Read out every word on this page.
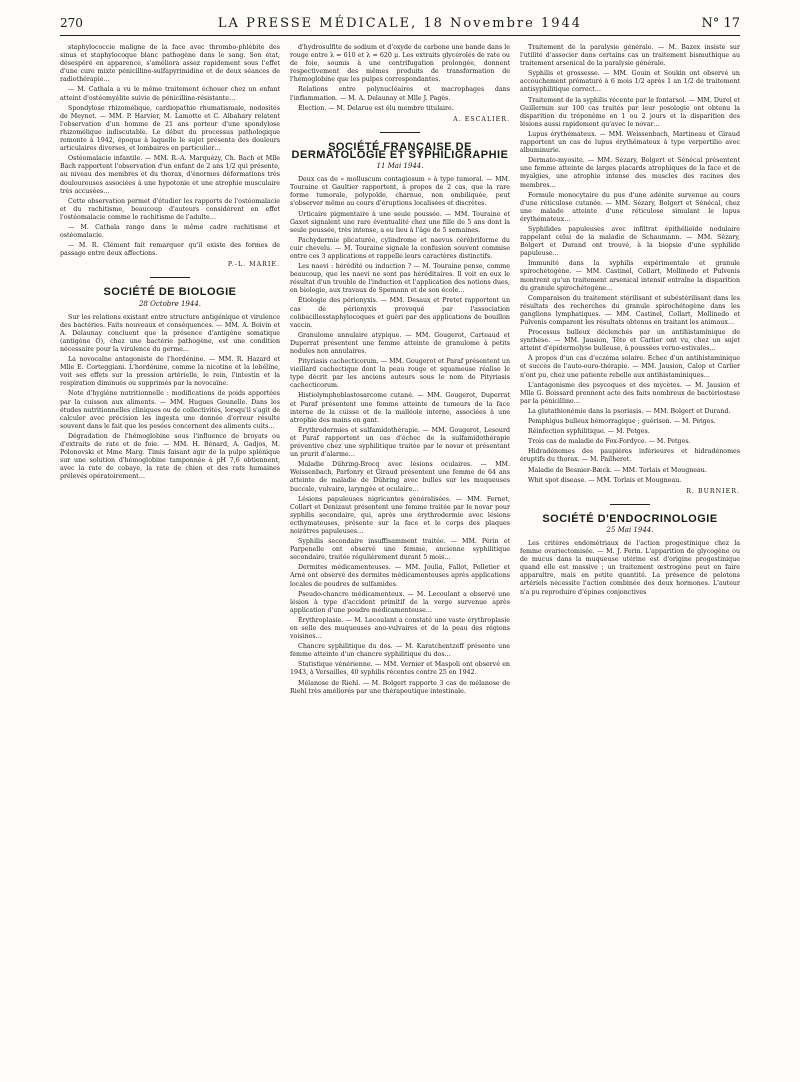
270	LA PRESSE MÉDICALE, 18 Novembre 1944	N° 17

staphylococcie maligne de la face avec thrombo-phlébite des sinus et staphylocoque blanc pathogène dans le sang. Son état, désespéré en apparence, s'améliora assez rapidement sous l'effet d'une cure mixte pénicilline-sulfapyrimidine et de deux séances de radiothérapie…

— M. Cathala a vu le même traitement échouer chez un enfant atteint d'ostéomyélite suivie de pénicilline-résistante…

Spondylose rhizomélique, cardiopathie rhumatismale, nodosités de Meynet. — MM. P. Harvier, M. Lamotte et C. Albahary relatent l'observation d'un homme de 21 ans porteur d'une spondylose rhizomélique indiscutable. Le début du processus pathologique remonte à 1942, époque à laquelle le sujet présenta des douleurs articulaires diverses, et lombaires en particulier…

Ostéomalacie infantile. — MM. R.-A. Marquézy, Ch. Bach et Mlle Bach rapportent l'observation d'un enfant de 2 ans 1/2 qui présente, au niveau des membres et du thorax, d'énormes déformations très douloureuses associées à une hypotonie et une atrophie musculaire très accusées…

Cette observation permet d'étudier les rapports de l'ostéomalacie et du rachitisme, beaucoup d'auteurs considèrent en effet l'ostéomalacie comme le rachitisme de l'adulte…

— M. Cathala range dans le même cadre rachitisme et ostéomalacie.

— M. R. Clément fait remarquer qu'il existe des formes de passage entre deux affections.

P.-L. MARIE.
SOCIÉTÉ DE BIOLOGIE
28 Octobre 1944.

Sur les relations existant entre structure antigénique et virulence des bactéries. Faits nouveaux et conséquences. — MM. A. Boivin et A. Delaunay concluent que la présence d'antigène somatique (antigène O), chez une bactérie pathogène, est une condition nécessaire pour la virulence du germe…

La novocaïne antagoniste de l'hordénine. — MM. R. Hazard et Mlle E. Corteggiani. L'hordénine, comme la nicotine et la lobéline, voit ses effets sur la pression artérielle, le rein, l'intestin et la respiration diminués ou supprimés par la novocaïne.

Note d'hygiène nutritionnelle : modifications de poids apportées par la cuisson aux aliments. — MM. Hugues Gounelle. Dans les études nutritionnelles cliniques ou de collectivités, lorsqu'il s'agit de calculer avec précision les ingesta une donnée d'erreur résulte souvent dans le fait que les pesées concernent des aliments cuits…

Dégradation de l'hémoglobine sous l'influence de broyats ou d'extraits de rate et de foie. — MM. H. Bénard, A. Gadjos, M. Polonovski et Mme Marg. Timis faisant agir de la pulpe splénique sur une solution d'hémoglobine tamponnée à pH 7,6 obtiennent, avec la rate de cobaye, la rate de chien et des rats humaines prélevés opératoirement…

d'hydrosulfite de sodium et d'oxyde de carbone une bande dans le rouge entre λ = 610 et λ = 620 μ. Les extraits glycérolés de rate ou de foie, soumis à une centrifugation prolongée, donnent respectivement des mêmes produits de transformation de l'hémoglobine que les pulpes correspondantes.

Relations entre polynucléaires et macrophages dans l'inflammation. — M. A. Delaunay et Mlle J. Pagès.

Élection. — M. Delarue est élu membre titulaire.

A. ESCALIER.
SOCIÉTÉ FRANÇAISE DE DERMATOLOGIE ET SYPHILIGRAPHIE
11 Mai 1944.

Deux cas de « molluscum contagiosum » à type tumoral. — MM. Touraine et Gaultier rapportent, à propos de 2 cas, que la rare forme tumorale, polypoïde, charnue, non ombiliquée, peut s'observer même au cours d'éruptions localisées et discrètes.

Urticaire pigmentaire à une seule poussée. — MM. Touraine et Gaxet signalent une rare éventualité chez une fille de 5 ans dont la seule poussée, très intense, a eu lieu à l'âge de 5 semaines.

Pachydermie plicaturée, cylindrome et naevus cérébriforme du cuir chevelu. — M. Touraine signale la confusion souvent commise entre ces 3 applications et rappelle leurs caractères distinctifs.

Les naevi : hérédité ou induction ? — M. Touraine pense, comme beaucoup, que les naevi ne sont pas héréditaires. Il voit en eux le résultat d'un trouble de l'induction et l'application des notions dues, en biologie, aux travaux de Spemann et de son école…

Étiologie des périonyxis. — MM. Desaux et Pretet rapportent un cas de périonyxis provoqué par l'association colibacillesstaphylocoques et guéri par des applications de bouillon vaccin.

Granulome annulaire atypique. — MM. Gougerot, Carteaud et Duperrat présentent une femme atteinte de granulome à petits nodules non annulaires.

Pityriasis cachecticorum. — MM. Gougerot et Paraf présentent un vieillard cachectique dont la peau rouge et squameuse réalise le type décrit par les anciens auteurs sous le nom de Pityriasis cachecticorum.

Histiolymphoblastosarcome cutané. — MM. Gougerot, Duperrat et Paraf présentent une femme atteinte de tumeurs de la face interne de la cuisse et de la malléole interne, associées à une atrophie des mains en gant.

Érythrodermies et sulfamidothérapie. — MM. Gougerot, Lesourd et Paraf rapportent un cas d'échec de la sulfamidothérapie préventive chez une syphilitique traitée par le novar et présentant un prurit d'alarme…

Maladie Dühring-Brocq avec lésions oculaires. — MM. Weissenbach, Parfonry et Giraud présentent une femme de 64 ans atteinte de maladie de Dühring avec bulles sur les muqueuses buccale, vulvaire, laryngée et oculaire…

Lésions papuleuses nigricantes généralisées. — MM. Fernet, Collart et Denizaut présentent une femme traitée par le novar pour syphilis secondaire, qui, après une érythrodermie avec lésions ecthymateuses, présente sur la face et le corps des plaques noirâtres papuleuses…

Syphilis secondaire insuffisamment traitée. — MM. Périn et Parpenelle ont observé une femme, ancienne syphilitique secondaire, traitée régulièrement durant 5 mois…

Dermites médicamenteuses. — MM. Joulia, Fallot, Pelletier et Arné ont observé des dermites médicamenteuses après applications locales de poudres de sulfamides.

Pseudo-chancre médicamenteux. — M. Lecoulant a observé une lésion à type d'accident primitif de la verge survenue après application d'une poudre médicamenteuse…

Érythroplasie. — M. Lecoulant a constaté une vaste érythroplasie en selle des muqueuses ano-vulvaires et de la peau des régions voisines…

Chancre syphilitique du dos. — M. Karatchentzeff présente une femme atteinte d'un chancre syphilitique du dos…

Statistique vénérienne. — MM. Vernier et Maspoli ont observé en 1943, à Versailles, 40 syphilis récentes contre 25 en 1942.

Mélanose de Riehl. — M. Bolgert rapporte 3 cas de mélanose de Riehl très améliorés par une thérapeutique intestinale.

Traitement de la paralysie générale. — M. Bazex insiste sur l'utilité d'associer dans certains cas un traitement bismuthique au traitement arsenical de la paralysie générale.

Syphilis et grossesse. — MM. Gouin et Soukin ont observé un accouchement prématuré à 6 mois 1/2 après 1 an 1/2 de traitement antisyphilitique correct…

Traitement de la syphilis récente par le fontarsol. — MM. Durel et Guillermin sur 100 cas traités par leur posologie ont obtenu la disparition du tréponème en 1 ou 2 jours et la disparition des lésions aussi rapidement qu'avec le novar…

Lupus érythémateux. — MM. Weissenbach, Martineau et Giraud rapportent un cas de lupus érythémateux à type verpertilio avec albuminurie.

Dermato-myosite. — MM. Sézary, Bolgert et Sénécal présentent une femme atteinte de larges placards atrophiques de la face et de myalgies, une atrophie intense des muscles des racines des membres…

Formule monocytaire du pus d'une adénite survenue au cours d'une réticulose cutanée. — MM. Sézary, Bolgert et Sénécal, chez une malade atteinte d'une réticulose simulant le lupus érythémateux…

Syphilides papuleuses avec infiltrat épithélioïde nodulaire rappelant celui de la maladie de Schaumann. — MM. Sézary, Bolgert et Durand ont trouvé, à la biopsie d'une syphilide papuleuse…

Immunité dans la syphilis expérimentale et granule spirochétogène. — MM. Castinel, Collart, Mollinedo et Pulvenis montrent qu'un traitement arsenical intensif entraîne la disparition du granule spirochétogène…

Comparaison du traitement stérilisant et subéstérilisant dans les résultats des recherches du granule spirochétogène dans les ganglions lymphatiques. — MM. Castinel, Collart, Mollinedo et Pulvenis comparent les résultats obtenus en traitant les animaux…

Processus bulleux déclenchés par un antihistaminique de synthèse. — MM. Jausion, Tête et Carlier ont vu, chez un sujet atteint d'épidermolyse bulleuse, à poussées verno-estivales…

À propos d'un cas d'eczéma solaire. Échec d'un antihistaminique et succès de l'auto-ouro-thérapie. — MM. Jausion, Calop et Carlier n'ont pu, chez une patiente rebelle aux antihistaminiques…

L'antagonisme des psycoques et des mycètes. — M. Jausion et Mlle G. Boissard prennent acte des faits nombreux de bactériostase par la pénicilline…

La glutathionémie dans la psoriasis. — MM. Bolgert et Durand.

Pemphigus bulleux hémorragique ; guérison. — M. Petges.

Réinfection syphilitique. — M. Petges.

Trois cas de maladie de Fox-Fordyce. — M. Petges.

Hidradénomes des paupières inférieures et hidradénomes éruptifs du thorax. — M. Pailheret.

Maladie de Besnier-Bæck. — MM. Torlais et Mougneau.

Whit spot disease. — MM. Torlais et Mougneau.

R. BURNIER.
SOCIÉTÉ D'ENDOCRINOLOGIE
25 Mai 1944.

Les critères endométriaux de l'action progestinique chez la femme ovariectomisée. — M. J. Ferin. L'apparition de glycogène ou de mucus dans la muqueuse utérine est d'origine progestinique quand elle est massive ; un traitement œstrogène peut en faire apparaître, mais en petite quantité. La présence de pelotons artériels nécessite l'action combinée des deux hormones. L'auteur n'a pu reproduire d'épines conjonctives
